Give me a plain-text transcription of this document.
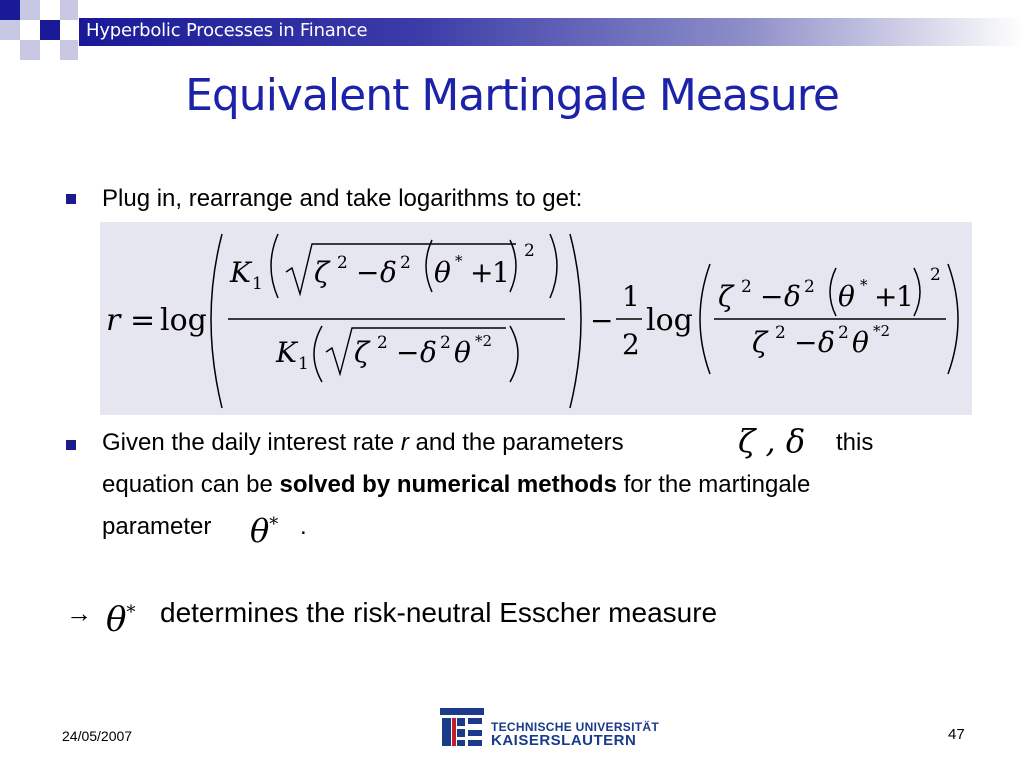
Hyperbolic Processes in Finance
Equivalent Martingale Measure
Plug in, rearrange and take logarithms to get:
r = log
K 1 ζ 2 − δ 2 θ * +
1
2
K 1 ζ 2 − δ 2 θ *2
−
1
2
log
ζ 2 − δ 2 θ * +
1
2
ζ 2 − δ 2 θ *2
Given the daily interest rate r and the parameters	ζ , δ this
equation can be solved by numerical methods for the martingale
parameter θ* .
→ θ* determines the risk-neutral Esscher measure
24/05/2007
TECHNISCHE UNIVERSITÄT
KAISERSLAUTERN	47
